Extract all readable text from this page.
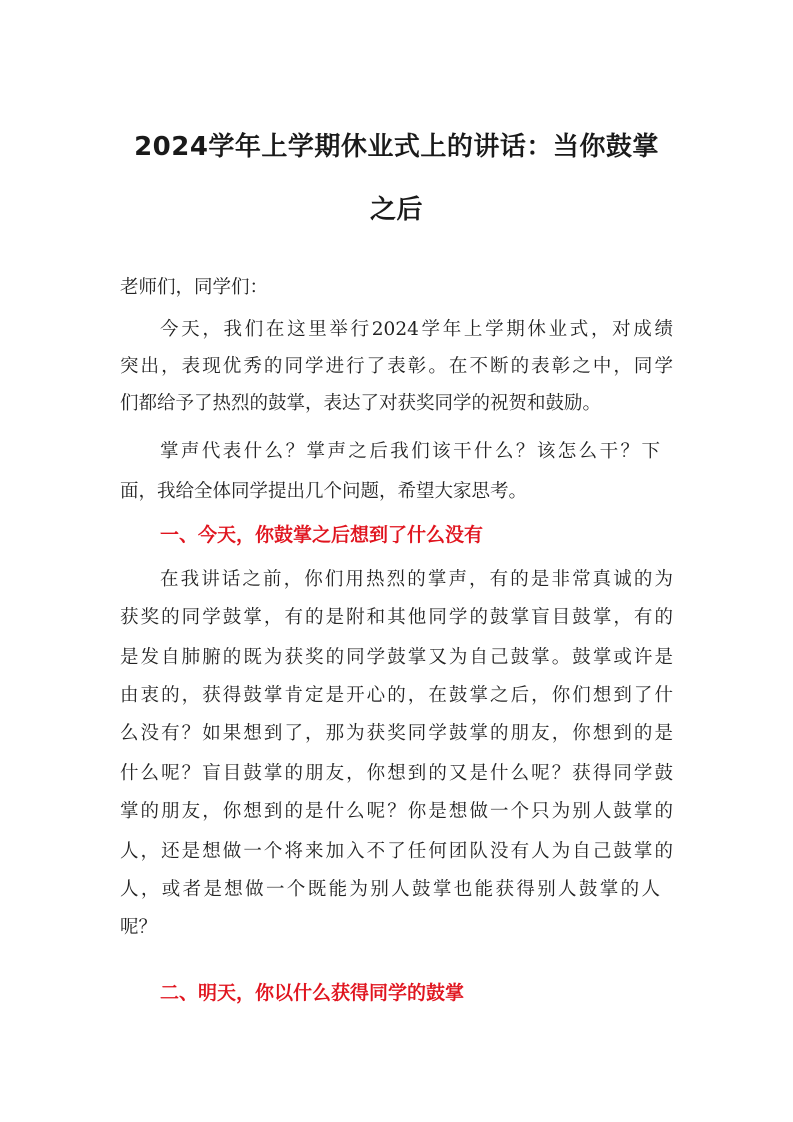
2024学年上学期休业式上的讲话：当你鼓掌
之后
老师们，同学们：
今天，我们在这里举行2024学年上学期休业式，对成绩
突出，表现优秀的同学进行了表彰。在不断的表彰之中，同学
们都给予了热烈的鼓掌，表达了对获奖同学的祝贺和鼓励。
掌声代表什么？掌声之后我们该干什么？该怎么干？下
面，我给全体同学提出几个问题，希望大家思考。
一、今天，你鼓掌之后想到了什么没有
在我讲话之前，你们用热烈的掌声，有的是非常真诚的为
获奖的同学鼓掌，有的是附和其他同学的鼓掌盲目鼓掌，有的
是发自肺腑的既为获奖的同学鼓掌又为自己鼓掌。鼓掌或许是
由衷的，获得鼓掌肯定是开心的，在鼓掌之后，你们想到了什
么没有？如果想到了，那为获奖同学鼓掌的朋友，你想到的是
什么呢？盲目鼓掌的朋友，你想到的又是什么呢？获得同学鼓
掌的朋友，你想到的是什么呢？你是想做一个只为别人鼓掌的
人，还是想做一个将来加入不了任何团队没有人为自己鼓掌的
人，或者是想做一个既能为别人鼓掌也能获得别人鼓掌的人
呢？
二、明天，你以什么获得同学的鼓掌
